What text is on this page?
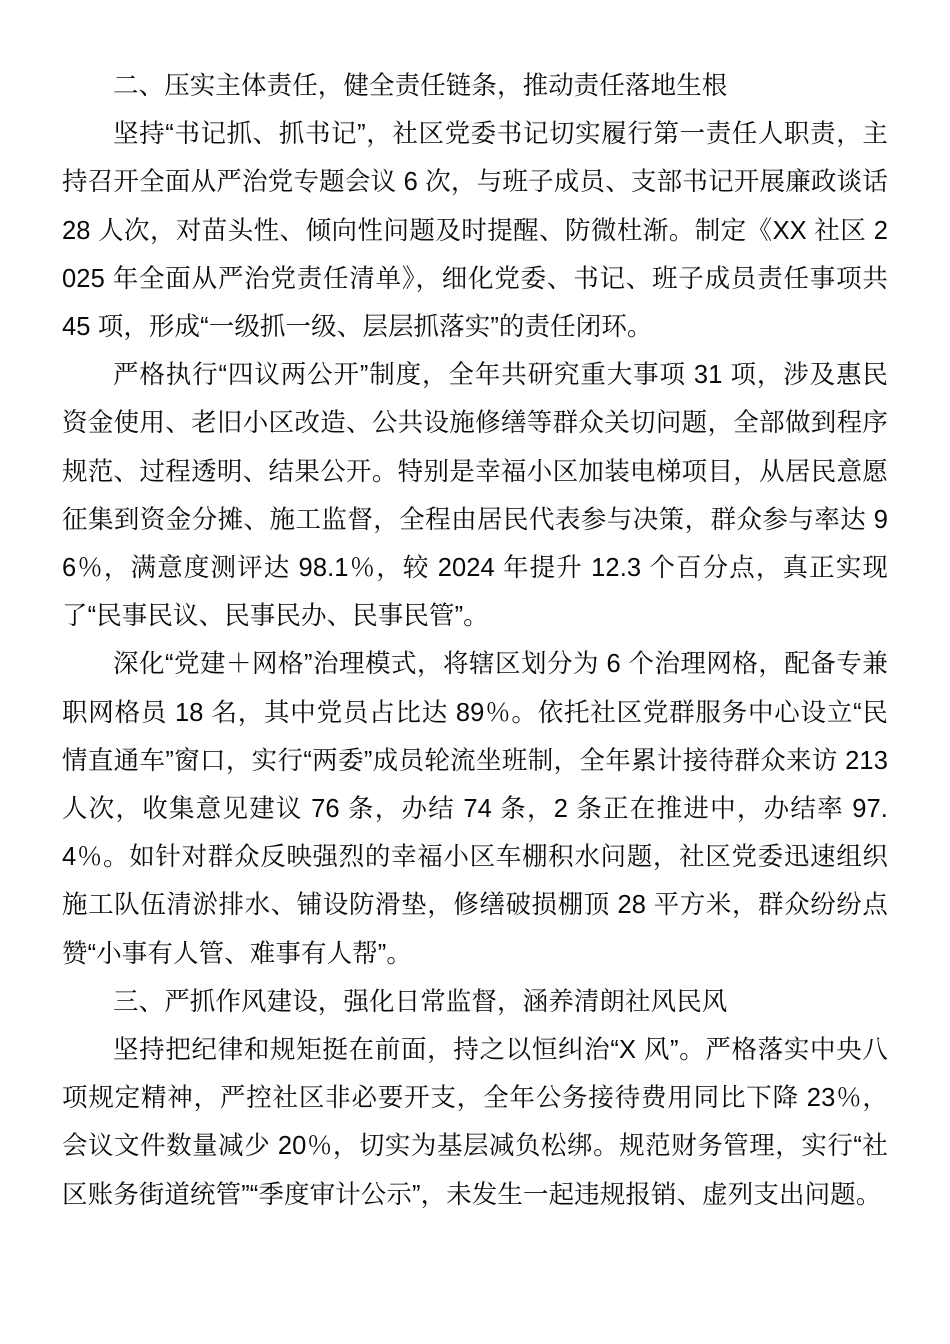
二、压实主体责任，健全责任链条，推动责任落地生根

坚持“书记抓、抓书记”，社区党委书记切实履行第一责任人职责，主持召开全面从严治党专题会议 6 次，与班子成员、支部书记开展廉政谈话 28 人次，对苗头性、倾向性问题及时提醒、防微杜渐。制定《XX 社区 2025 年全面从严治党责任清单》，细化党委、书记、班子成员责任事项共 45 项，形成“一级抓一级、层层抓落实”的责任闭环。

严格执行“四议两公开”制度，全年共研究重大事项 31 项，涉及惠民资金使用、老旧小区改造、公共设施修缮等群众关切问题，全部做到程序规范、过程透明、结果公开。特别是幸福小区加装电梯项目，从居民意愿征集到资金分摊、施工监督，全程由居民代表参与决策，群众参与率达 96％，满意度测评达 98.1％，较 2024 年提升 12.3 个百分点，真正实现了“民事民议、民事民办、民事民管”。

深化“党建＋网格”治理模式，将辖区划分为 6 个治理网格，配备专兼职网格员 18 名，其中党员占比达 89％。依托社区党群服务中心设立“民情直通车”窗口，实行“两委”成员轮流坐班制，全年累计接待群众来访 213 人次，收集意见建议 76 条，办结 74 条，2 条正在推进中，办结率 97.4％。如针对群众反映强烈的幸福小区车棚积水问题，社区党委迅速组织施工队伍清淤排水、铺设防滑垫，修缮破损棚顶 28 平方米，群众纷纷点赞“小事有人管、难事有人帮”。

三、严抓作风建设，强化日常监督，涵养清朗社风民风

坚持把纪律和规矩挺在前面，持之以恒纠治“X 风”。严格落实中央八项规定精神，严控社区非必要开支，全年公务接待费用同比下降 23％，会议文件数量减少 20％，切实为基层减负松绑。规范财务管理，实行“社区账务街道统管”“季度审计公示”，未发生一起违规报销、虚列支出问题。
